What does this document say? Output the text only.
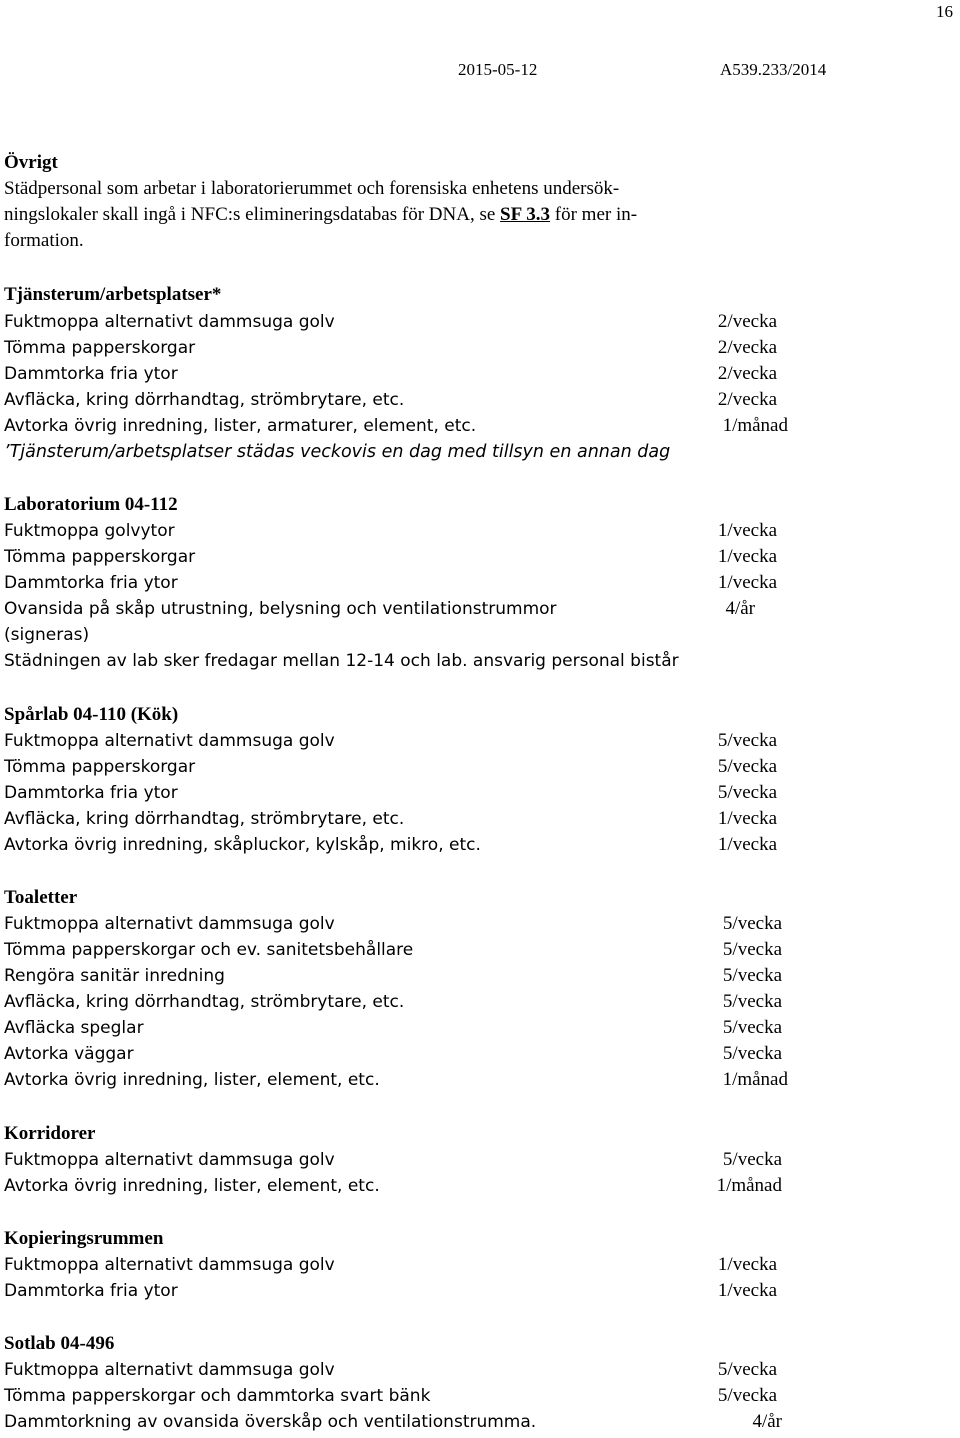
16
2015-05-12	A539.233/2014
Övrigt
Städpersonal som arbetar i laboratorierummet och forensiska enhetens undersök-
ningslokaler skall ingå i NFC:s elimineringsdatabas för DNA, se SF 3.3 för mer in-
formation.
Tjänsterum/arbetsplatser*
Fuktmoppa alternativt dammsuga golv	2/vecka
Tömma papperskorgar	2/vecka
Dammtorka fria ytor	2/vecka
Avfläcka, kring dörrhandtag, strömbrytare, etc.	2/vecka
Avtorka övrig inredning, lister, armaturer, element, etc.	1/månad
’Tjänsterum/arbetsplatser städas veckovis en dag med tillsyn en annan dag
Laboratorium 04-112
Fuktmoppa golvytor	1/vecka
Tömma papperskorgar	1/vecka
Dammtorka fria ytor	1/vecka
Ovansida på skåp utrustning, belysning och ventilationstrummor	4/år
(signeras)
Städningen av lab sker fredagar mellan 12-14 och lab. ansvarig personal bistår
Spårlab 04-110 (Kök)
Fuktmoppa alternativt dammsuga golv	5/vecka
Tömma papperskorgar	5/vecka
Dammtorka fria ytor	5/vecka
Avfläcka, kring dörrhandtag, strömbrytare, etc.	1/vecka
Avtorka övrig inredning, skåpluckor, kylskåp, mikro, etc.	1/vecka
Toaletter
Fuktmoppa alternativt dammsuga golv	5/vecka
Tömma papperskorgar och ev. sanitetsbehållare	5/vecka
Rengöra sanitär inredning	5/vecka
Avfläcka, kring dörrhandtag, strömbrytare, etc.	5/vecka
Avfläcka speglar	5/vecka
Avtorka väggar	5/vecka
Avtorka övrig inredning, lister, element, etc.	1/månad
Korridorer
Fuktmoppa alternativt dammsuga golv	5/vecka
Avtorka övrig inredning, lister, element, etc.	1/månad
Kopieringsrummen
Fuktmoppa alternativt dammsuga golv	1/vecka
Dammtorka fria ytor	1/vecka
Sotlab 04-496
Fuktmoppa alternativt dammsuga golv	5/vecka
Tömma papperskorgar och dammtorka svart bänk	5/vecka
Dammtorkning av ovansida överskåp och ventilationstrumma.	4/år
